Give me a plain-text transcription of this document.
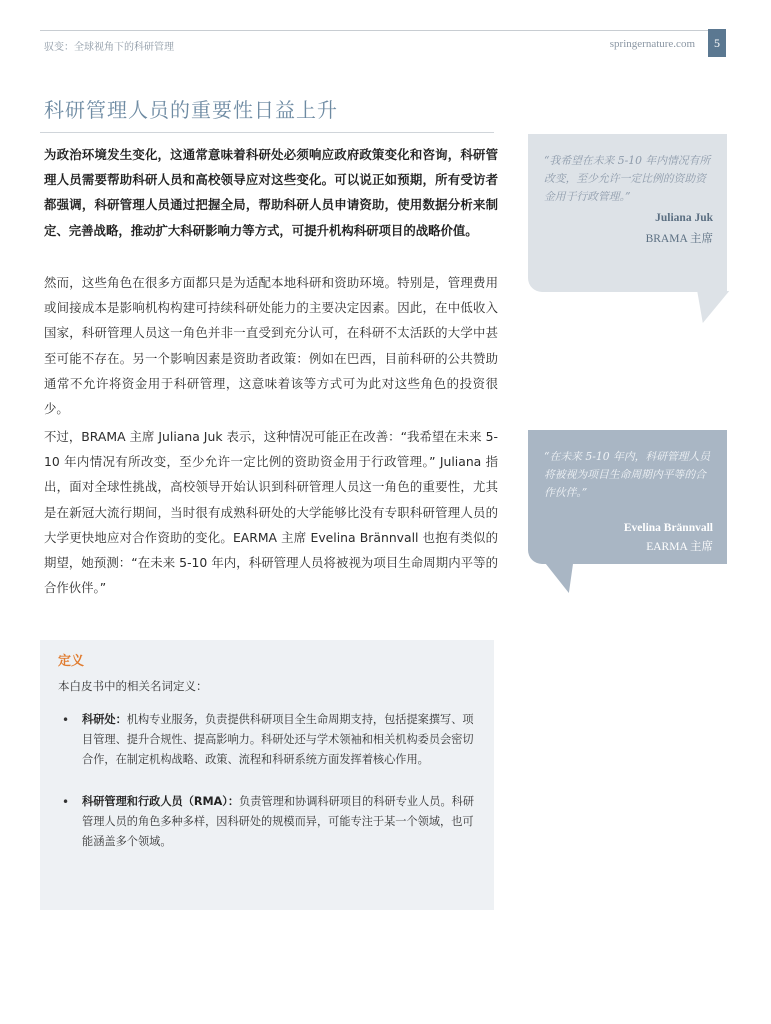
驭变：全球视角下的科研管理	springernature.com	5
科研管理人员的重要性日益上升

为政治环境发生变化，这通常意味着科研处必须响应政府政策变化和咨询，科研管理人员需要帮助科研人员和高校领导应对这些变化。可以说正如预期，所有受访者都强调，科研管理人员通过把握全局，帮助科研人员申请资助，使用数据分析来制定、完善战略，推动扩大科研影响力等方式，可提升机构科研项目的战略价值。

然而，这些角色在很多方面都只是为适配本地科研和资助环境。特别是，管理费用或间接成本是影响机构构建可持续科研处能力的主要决定因素。因此，在中低收入国家，科研管理人员这一角色并非一直受到充分认可，在科研不太活跃的大学中甚至可能不存在。另一个影响因素是资助者政策：例如在巴西，目前科研的公共赞助通常不允许将资金用于科研管理，这意味着该等方式可为此对这些角色的投资很少。

不过，BRAMA 主席 Juliana Juk 表示，这种情况可能正在改善：“我希望在未来 5-10 年内情况有所改变，至少允许一定比例的资助资金用于行政管理。” Juliana 指出，面对全球性挑战，高校领导开始认识到科研管理人员这一角色的重要性，尤其是在新冠大流行期间，当时很有成熟科研处的大学能够比没有专职科研管理人员的大学更快地应对合作资助的变化。EARMA 主席 Evelina Brännvall 也抱有类似的期望，她预测：“在未来 5-10 年内，科研管理人员将被视为项目生命周期内平等的合作伙伴。”

“我希望在未来 5-10 年内情况有所改变，至少允许一定比例的资助资金用于行政管理。”
Juliana Juk
BRAMA 主席
“在未来 5-10 年内，科研管理人员将被视为项目生命周期内平等的合作伙伴。”
Evelina Brännvall
EARMA 主席
定义
本白皮书中的相关名词定义：
• 科研处：机构专业服务，负责提供科研项目全生命周期支持，包括提案撰写、项目管理、提升合规性、提高影响力。科研处还与学术领袖和相关机构委员会密切合作，在制定机构战略、政策、流程和科研系统方面发挥着核心作用。
• 科研管理和行政人员（RMA）：负责管理和协调科研项目的科研专业人员。科研管理人员的角色多种多样，因科研处的规模而异，可能专注于某一个领域，也可能涵盖多个领域。
